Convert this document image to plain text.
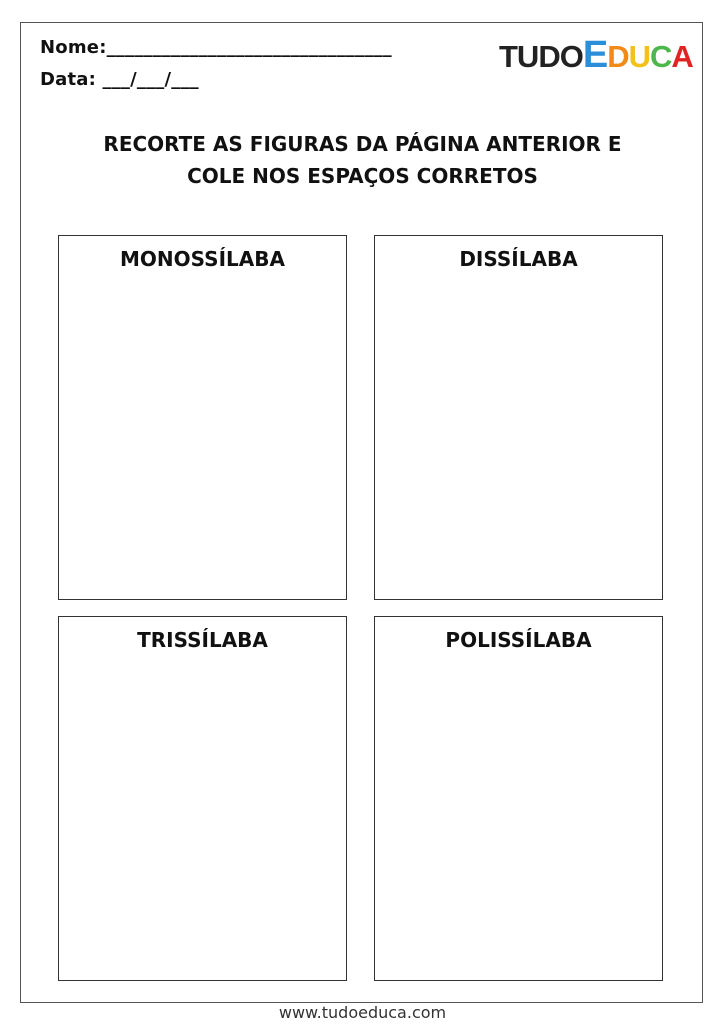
Nome:_______________________________
Data: ___/___/___
TUDO E D U C A
RECORTE AS FIGURAS DA PÁGINA ANTERIOR E
COLE NOS ESPAÇOS CORRETOS
MONOSSÍLABA	DISSÍLABA
TRISSÍLABA	POLISSÍLABA
www.tudoeduca.com
